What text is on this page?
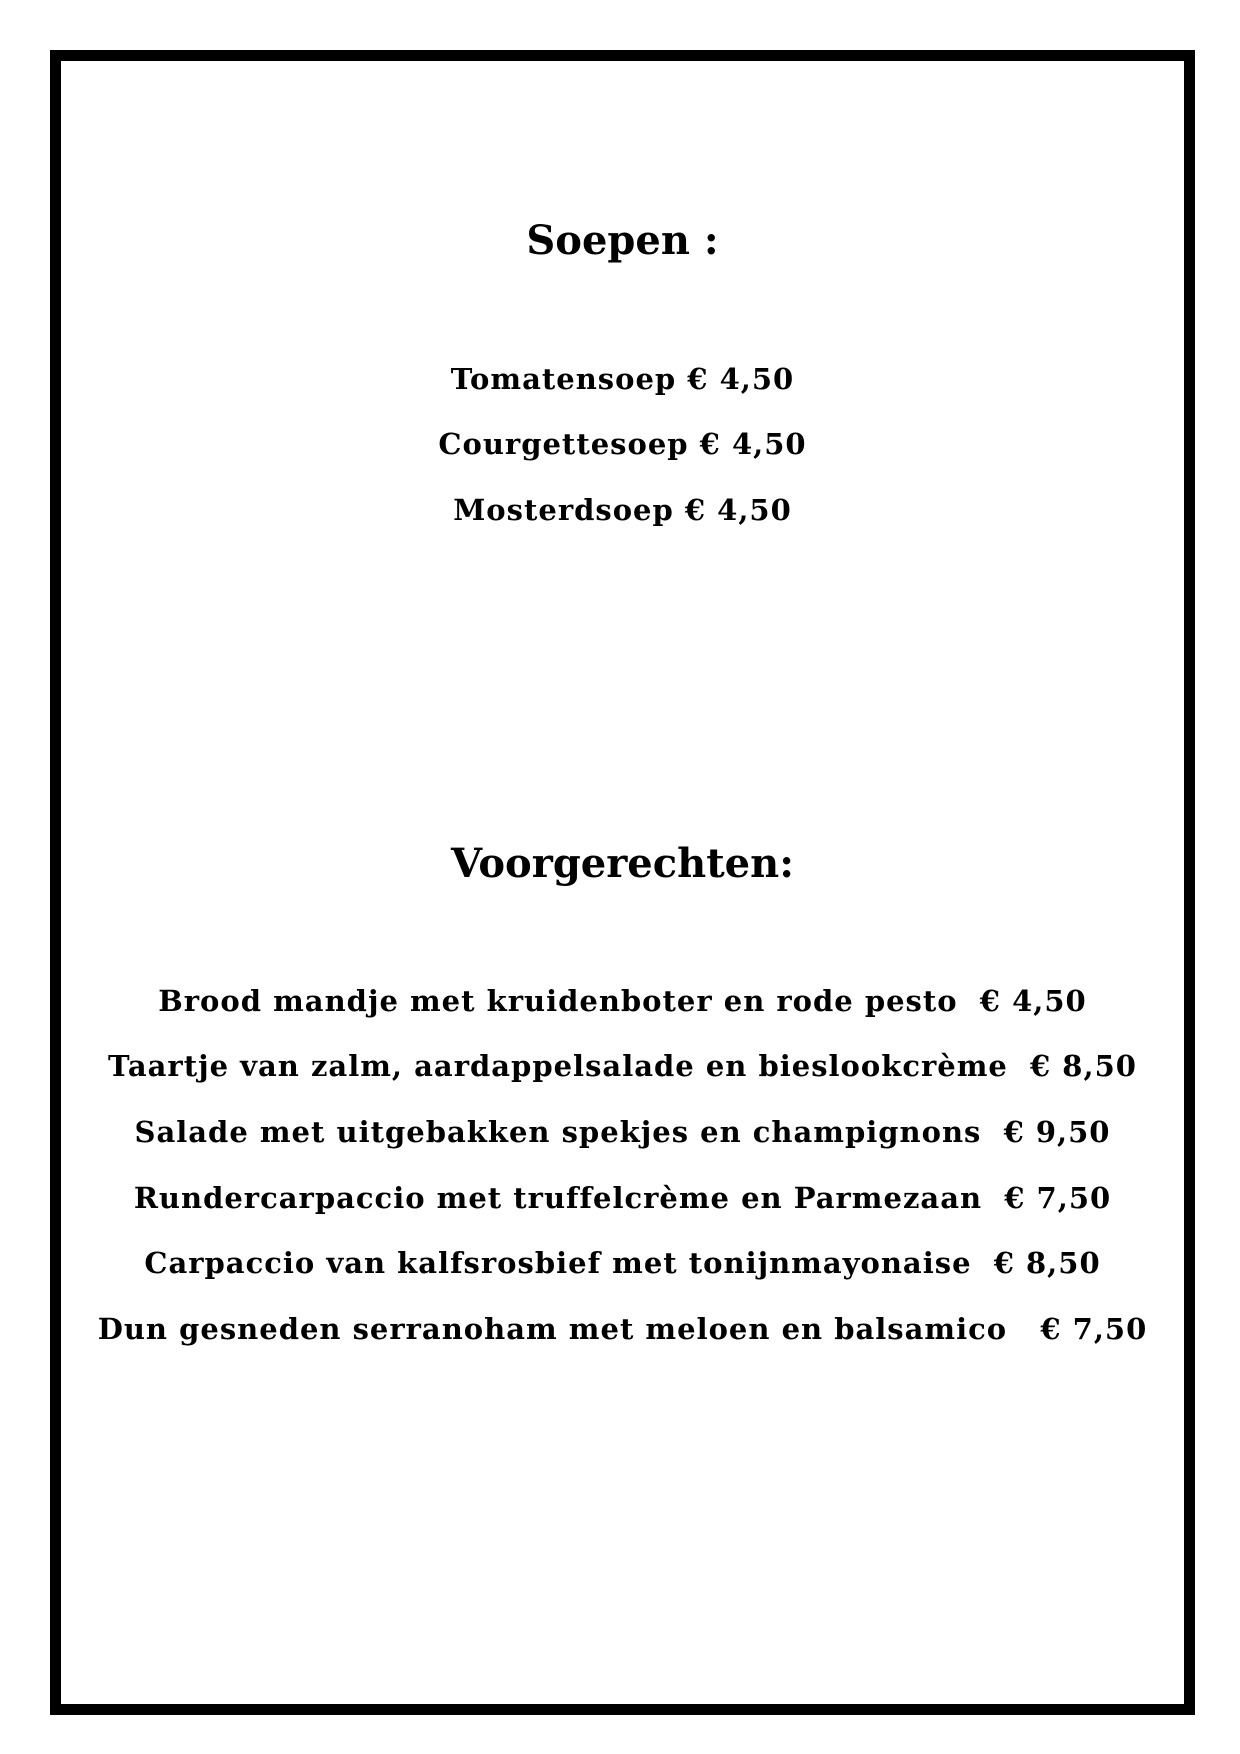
Soepen :

Tomatensoep € 4,50

Courgettesoep € 4,50

Mosterdsoep € 4,50

Voorgerechten:

Brood mandje met kruidenboter en rode pesto  € 4,50

Taartje van zalm, aardappelsalade en bieslookcrème  € 8,50

Salade met uitgebakken spekjes en champignons  € 9,50

Rundercarpaccio met truffelcrème en Parmezaan  € 7,50

Carpaccio van kalfsrosbief met tonijnmayonaise  € 8,50

Dun gesneden serranoham met meloen en balsamico   € 7,50
